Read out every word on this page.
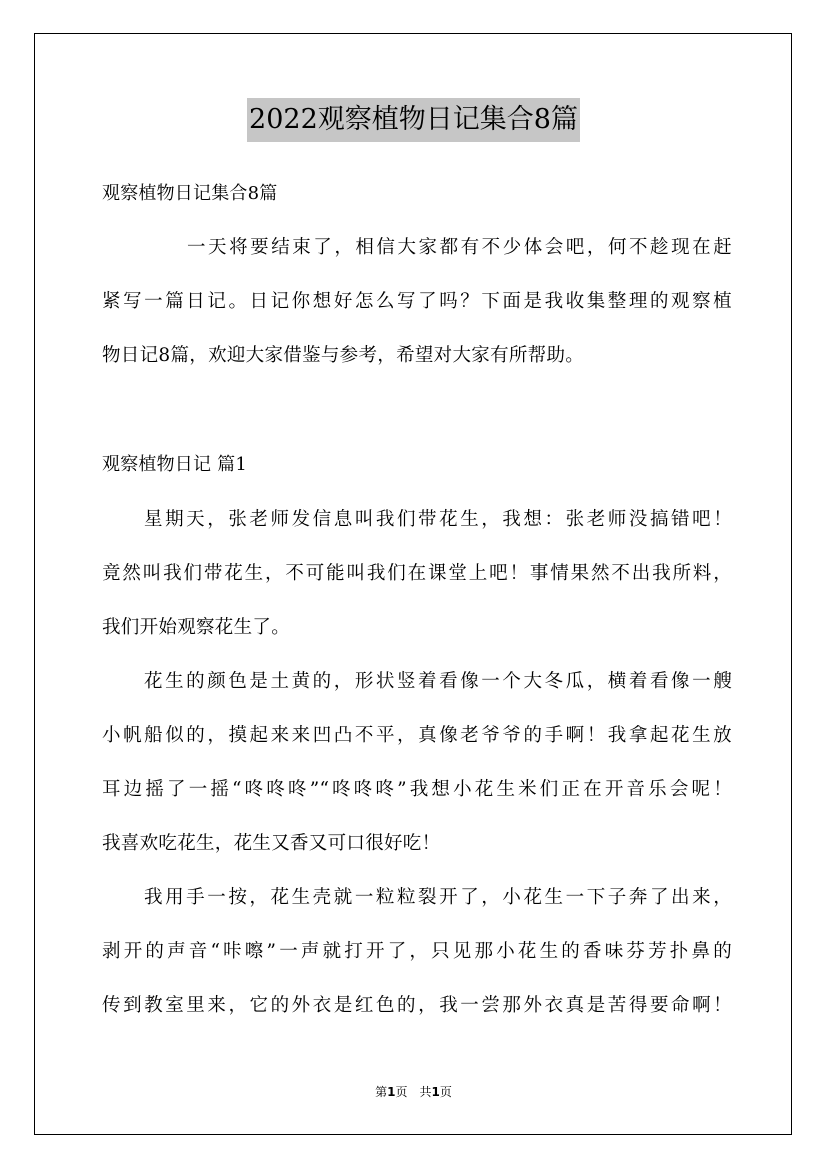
2022观察植物日记集合8篇
观察植物日记集合8篇
一天将要结束了，相信大家都有不少体会吧，何不趁现在赶
紧写一篇日记。日记你想好怎么写了吗？下面是我收集整理的观察植
物日记8篇，欢迎大家借鉴与参考，希望对大家有所帮助。
观察植物日记 篇1
星期天，张老师发信息叫我们带花生，我想：张老师没搞错吧！
竟然叫我们带花生，不可能叫我们在课堂上吧！事情果然不出我所料，
我们开始观察花生了。
花生的颜色是土黄的，形状竖着看像一个大冬瓜，横着看像一艘
小帆船似的，摸起来来凹凸不平，真像老爷爷的手啊！我拿起花生放
耳边摇了一摇“咚咚咚”“咚咚咚”我想小花生米们正在开音乐会呢！
我喜欢吃花生，花生又香又可口很好吃！
我用手一按，花生壳就一粒粒裂开了，小花生一下子奔了出来，
剥开的声音“咔嚓”一声就打开了，只见那小花生的香味芬芳扑鼻的
传到教室里来，它的外衣是红色的，我一尝那外衣真是苦得要命啊！
第1页　共1页
